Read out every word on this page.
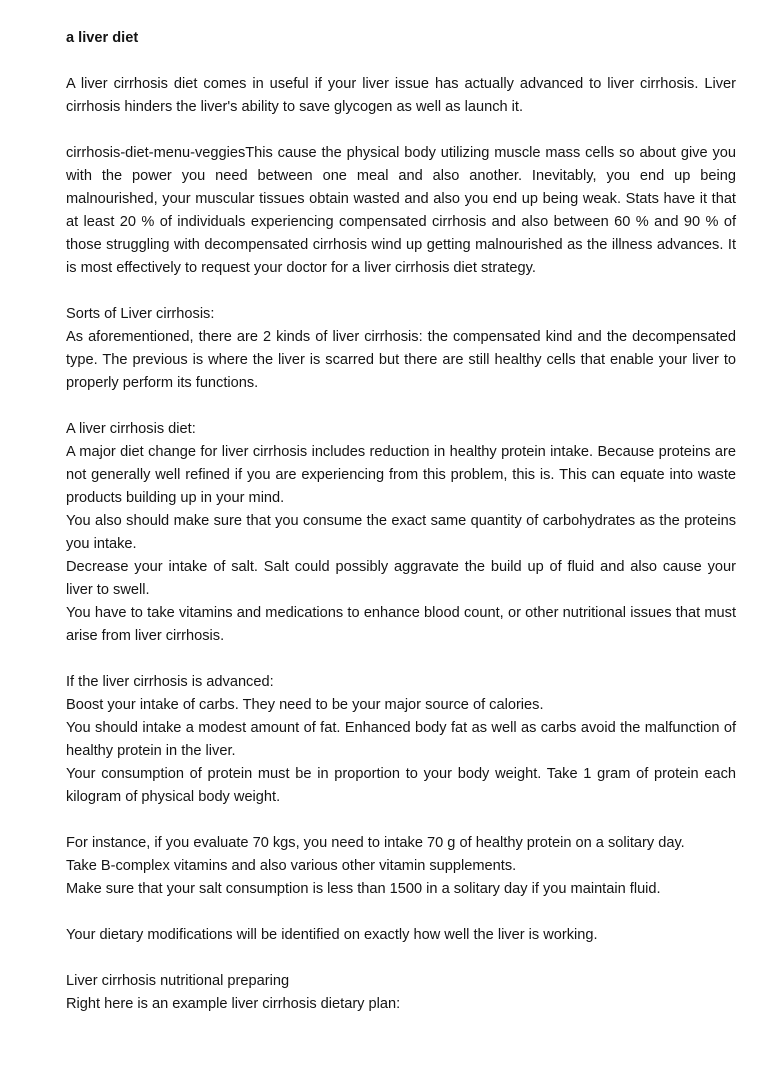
a liver diet

A liver cirrhosis diet comes in useful if your liver issue has actually advanced to liver cirrhosis. Liver cirrhosis hinders the liver's ability to save glycogen as well as launch it.

cirrhosis-diet-menu-veggiesThis cause the physical body utilizing muscle mass cells so about give you with the power you need between one meal and also another. Inevitably, you end up being malnourished, your muscular tissues obtain wasted and also you end up being weak. Stats have it that at least 20 % of individuals experiencing compensated cirrhosis and also between 60 % and 90 % of those struggling with decompensated cirrhosis wind up getting malnourished as the illness advances. It is most effectively to request your doctor for a liver cirrhosis diet strategy.

Sorts of Liver cirrhosis:

As aforementioned, there are 2 kinds of liver cirrhosis: the compensated kind and the decompensated type. The previous is where the liver is scarred but there are still healthy cells that enable your liver to properly perform its functions.

A liver cirrhosis diet:

A major diet change for liver cirrhosis includes reduction in healthy protein intake. Because proteins are not generally well refined if you are experiencing from this problem, this is. This can equate into waste products building up in your mind.

You also should make sure that you consume the exact same quantity of carbohydrates as the proteins you intake.

Decrease your intake of salt. Salt could possibly aggravate the build up of fluid and also cause your liver to swell.

You have to take vitamins and medications to enhance blood count, or other nutritional issues that must arise from liver cirrhosis.

If the liver cirrhosis is advanced:

Boost your intake of carbs. They need to be your major source of calories.

You should intake a modest amount of fat. Enhanced body fat as well as carbs avoid the malfunction of healthy protein in the liver.

Your consumption of protein must be in proportion to your body weight. Take 1 gram of protein each kilogram of physical body weight.

For instance, if you evaluate 70 kgs, you need to intake 70 g of healthy protein on a solitary day.

Take B-complex vitamins and also various other vitamin supplements.

Make sure that your salt consumption is less than 1500 in a solitary day if you maintain fluid.

Your dietary modifications will be identified on exactly how well the liver is working.

Liver cirrhosis nutritional preparing

Right here is an example liver cirrhosis dietary plan:
